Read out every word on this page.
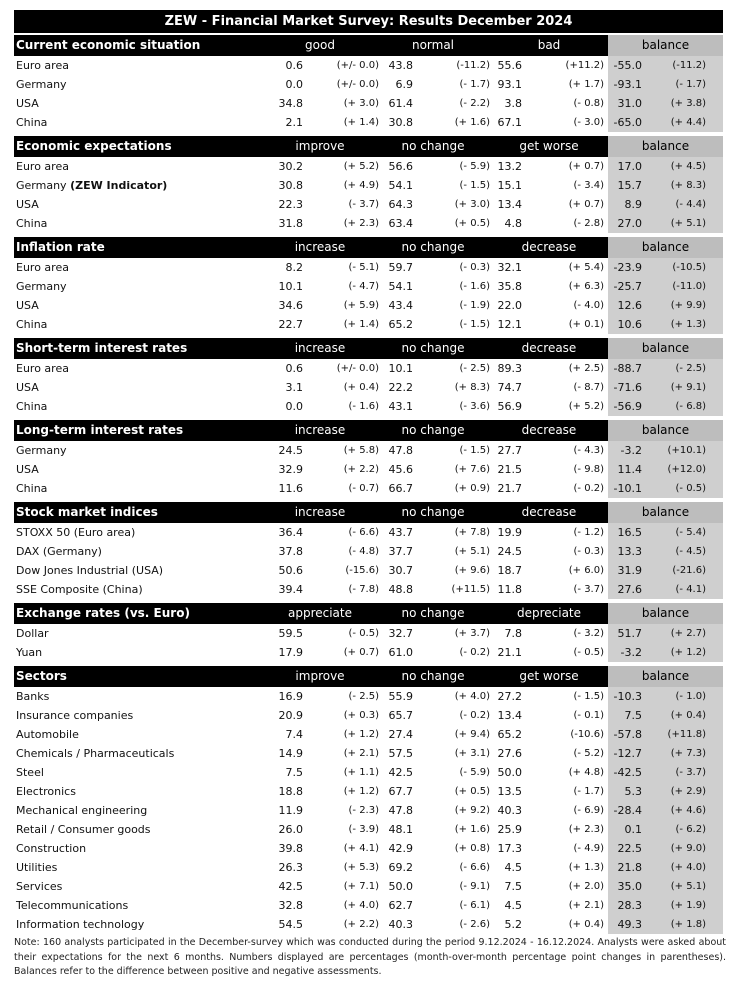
ZEW - Financial Market Survey: Results December 2024
Current economic situation	good	normal	bad	balance
Euro area	0.6	(+/- 0.0) 43.8	(-11.2) 55.6	(+11.2) -55.0	(-11.2)
Germany	0.0	(+/- 0.0)	6.9	(- 1.7) 93.1	(+ 1.7) -93.1	(- 1.7)
USA	34.8	(+ 3.0) 61.4	(- 2.2)	3.8	(- 0.8)	31.0	(+ 3.8)
China	2.1	(+ 1.4) 30.8	(+ 1.6) 67.1	(- 3.0) -65.0	(+ 4.4)
Economic expectations	improve	no change	get worse	balance
Euro area	30.2	(+ 5.2) 56.6	(- 5.9) 13.2	(+ 0.7)	17.0	(+ 4.5)
Germany (ZEW Indicator)	30.8	(+ 4.9) 54.1	(- 1.5) 15.1	(- 3.4)	15.7	(+ 8.3)
USA	22.3	(- 3.7) 64.3	(+ 3.0) 13.4	(+ 0.7)	8.9	(- 4.4)
China	31.8	(+ 2.3) 63.4	(+ 0.5)	4.8	(- 2.8)	27.0	(+ 5.1)
Inflation rate	increase	no change	decrease	balance
Euro area	8.2	(- 5.1) 59.7	(- 0.3) 32.1	(+ 5.4) -23.9	(-10.5)
Germany	10.1	(- 4.7) 54.1	(- 1.6) 35.8	(+ 6.3) -25.7	(-11.0)
USA	34.6	(+ 5.9) 43.4	(- 1.9) 22.0	(- 4.0)	12.6	(+ 9.9)
China	22.7	(+ 1.4) 65.2	(- 1.5) 12.1	(+ 0.1)	10.6	(+ 1.3)
Short-term interest rates	increase	no change	decrease	balance
Euro area	0.6	(+/- 0.0) 10.1	(- 2.5) 89.3	(+ 2.5) -88.7	(- 2.5)
USA	3.1	(+ 0.4) 22.2	(+ 8.3) 74.7	(- 8.7) -71.6	(+ 9.1)
China	0.0	(- 1.6) 43.1	(- 3.6) 56.9	(+ 5.2) -56.9	(- 6.8)
Long-term interest rates	increase	no change	decrease	balance
Germany	24.5	(+ 5.8) 47.8	(- 1.5) 27.7	(- 4.3)	-3.2	(+10.1)
USA	32.9	(+ 2.2) 45.6	(+ 7.6) 21.5	(- 9.8)	11.4	(+12.0)
China	11.6	(- 0.7) 66.7	(+ 0.9) 21.7	(- 0.2) -10.1	(- 0.5)
Stock market indices	increase	no change	decrease	balance
STOXX 50 (Euro area)	36.4	(- 6.6) 43.7	(+ 7.8) 19.9	(- 1.2)	16.5	(- 5.4)
DAX (Germany)	37.8	(- 4.8) 37.7	(+ 5.1) 24.5	(- 0.3)	13.3	(- 4.5)
Dow Jones Industrial (USA)	50.6	(-15.6) 30.7	(+ 9.6) 18.7	(+ 6.0)	31.9	(-21.6)
SSE Composite (China)	39.4	(- 7.8) 48.8	(+11.5) 11.8	(- 3.7)	27.6	(- 4.1)
Exchange rates (vs. Euro)	appreciate	no change	depreciate	balance
Dollar	59.5	(- 0.5) 32.7	(+ 3.7)	7.8	(- 3.2)	51.7	(+ 2.7)
Yuan	17.9	(+ 0.7) 61.0	(- 0.2) 21.1	(- 0.5)	-3.2	(+ 1.2)
Sectors	improve	no change	get worse	balance
Banks	16.9	(- 2.5) 55.9	(+ 4.0) 27.2	(- 1.5) -10.3	(- 1.0)
Insurance companies	20.9	(+ 0.3) 65.7	(- 0.2) 13.4	(- 0.1)	7.5	(+ 0.4)
Automobile	7.4	(+ 1.2) 27.4	(+ 9.4) 65.2	(-10.6) -57.8	(+11.8)
Chemicals / Pharmaceuticals	14.9	(+ 2.1) 57.5	(+ 3.1) 27.6	(- 5.2) -12.7	(+ 7.3)
Steel	7.5	(+ 1.1) 42.5	(- 5.9) 50.0	(+ 4.8) -42.5	(- 3.7)
Electronics	18.8	(+ 1.2) 67.7	(+ 0.5) 13.5	(- 1.7)	5.3	(+ 2.9)
Mechanical engineering	11.9	(- 2.3) 47.8	(+ 9.2) 40.3	(- 6.9) -28.4	(+ 4.6)
Retail / Consumer goods	26.0	(- 3.9) 48.1	(+ 1.6) 25.9	(+ 2.3)	0.1	(- 6.2)
Construction	39.8	(+ 4.1) 42.9	(+ 0.8) 17.3	(- 4.9)	22.5	(+ 9.0)
Utilities	26.3	(+ 5.3) 69.2	(- 6.6)	4.5	(+ 1.3)	21.8	(+ 4.0)
Services	42.5	(+ 7.1) 50.0	(- 9.1)	7.5	(+ 2.0)	35.0	(+ 5.1)
Telecommunications	32.8	(+ 4.0) 62.7	(- 6.1)	4.5	(+ 2.1)	28.3	(+ 1.9)
Information technology	54.5	(+ 2.2) 40.3	(- 2.6)	5.2	(+ 0.4)	49.3	(+ 1.8)
Note: 160 analysts participated in the December-survey which was conducted during the period 9.12.2024 - 16.12.2024. Analysts were asked about their expectations for the next 6 months. Numbers displayed are percentages (month-over-month percentage point changes in parentheses). Balances refer to the difference between positive and negative assessments.
